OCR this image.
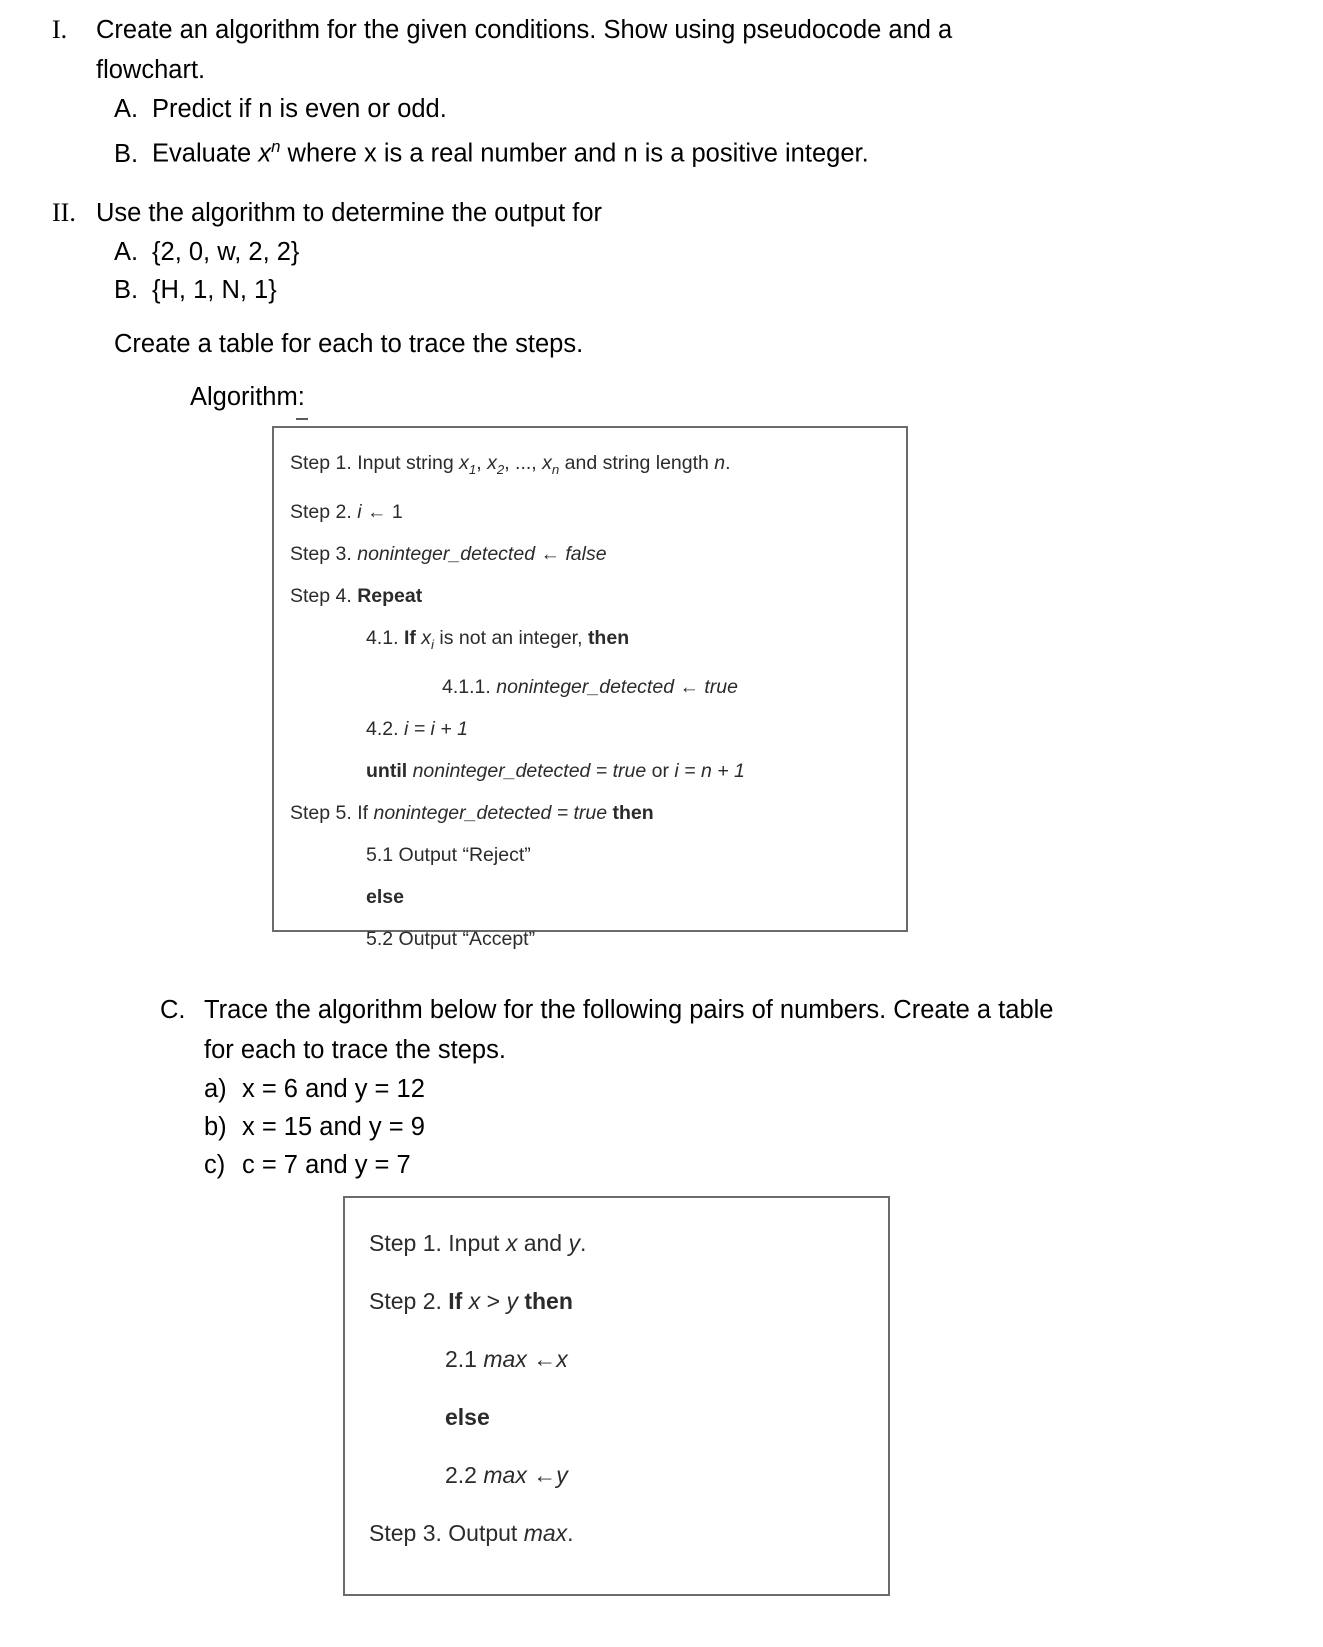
I.	Create an algorithm for the given conditions. Show using pseudocode and a
flowchart.
A. Predict if n is even or odd.
B. Evaluate $x^n$ where x is a real number and n is a positive integer.
II. Use the algorithm to determine the output for
A. {2, 0, w, 2, 2}
B. {H, 1, N, 1}
Create a table for each to trace the steps.
Algorithm:
Step 1. Input string $x_1$, $x_2$, ..., $x_n$ and string length n.
Step 2. i ← 1
Step 3. noninteger_detected ← false
Step 4. Repeat
4.1. If $x_i$ is not an integer, then
4.1.1. noninteger_detected ← true
4.2. i = i + 1
until noninteger_detected = true or i = n + 1
Step 5. If noninteger_detected = true then
5.1 Output “Reject”
else
5.2 Output “Accept”
C. Trace the algorithm below for the following pairs of numbers. Create a table
for each to trace the steps.
a) x = 6 and y = 12
b) x = 15 and y = 9
c) c = 7 and y = 7
Step 1. Input x and y.
Step 2. If x > y then
2.1 max ←x
else
2.2 max ←y
Step 3. Output max.
